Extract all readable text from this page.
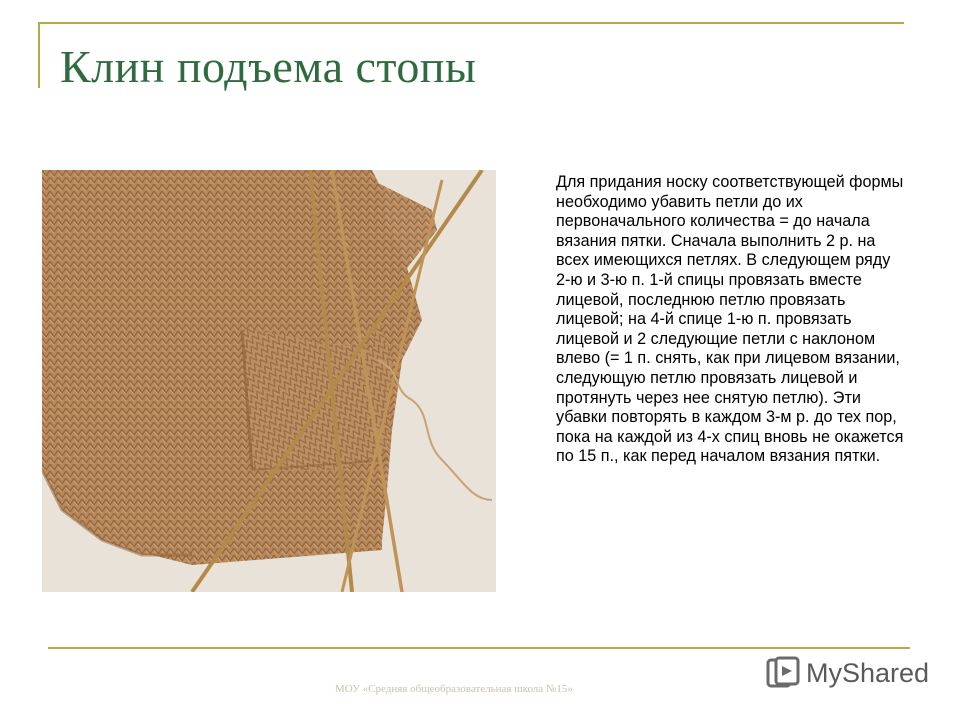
Клин подъема стопы
Для придания носку соответствующей формы необходимо убавить петли до их первоначального количества = до начала вязания пятки. Сначала выполнить 2 р. на всех имеющихся петлях. В следующем ряду 2-ю и 3-ю п. 1-й спицы провязать вместе лицевой, последнюю петлю провязать лицевой; на 4-й спице 1-ю п. провязать лицевой и 2 следующие петли с наклоном влево (= 1 п. снять, как при лицевом вязании, следующую петлю провязать лицевой и протянуть через нее снятую петлю). Эти убавки повторять в каждом 3-м р. до тех пор, пока на каждой из 4-х спиц вновь не окажется по 15 п., как перед началом вязания пятки.
МОУ «Средняя общеобразовательная школа №15»
MyShared
